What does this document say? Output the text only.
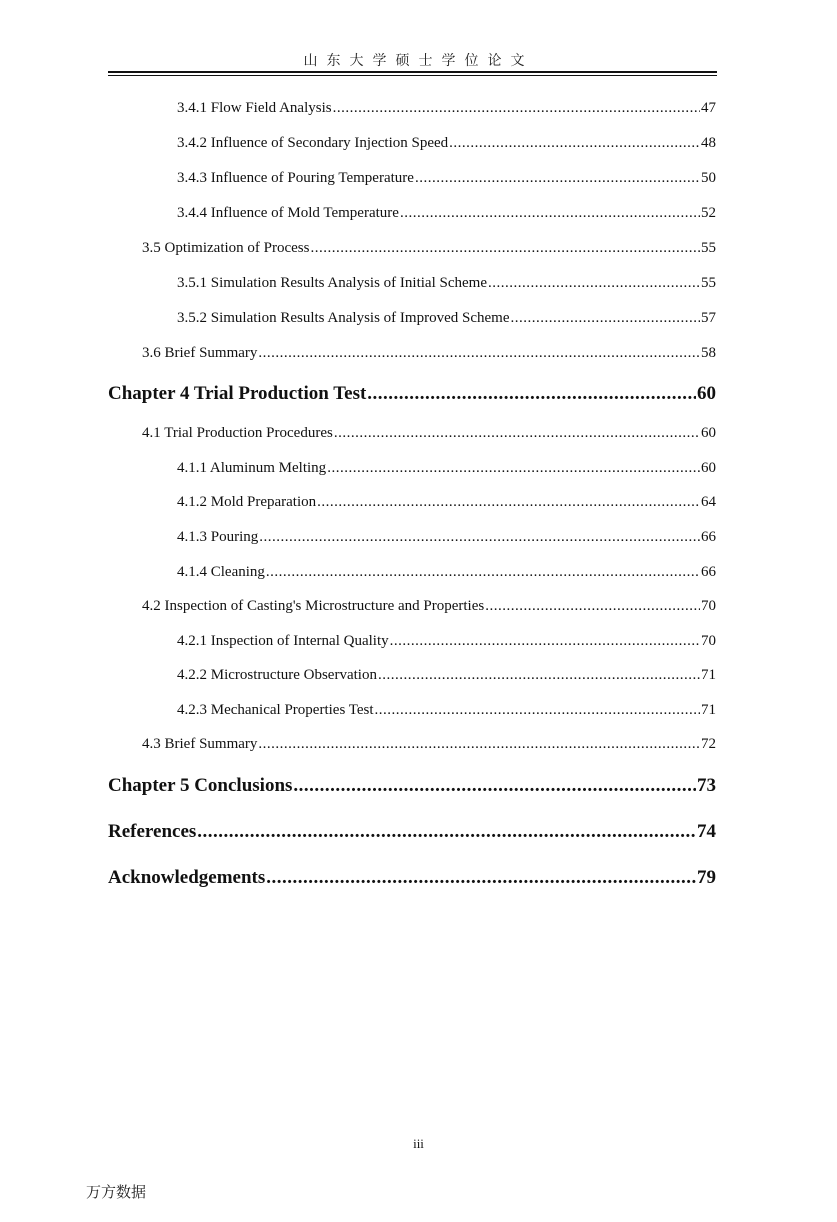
山东大学硕士学位论文
3.4.1 Flow Field Analysis .....	47
3.4.2 Influence of Secondary Injection Speed .....	48
3.4.3 Influence of Pouring Temperature .....	50
3.4.4 Influence of Mold Temperature .....	52
3.5 Optimization of Process .....	55
3.5.1 Simulation Results Analysis of Initial Scheme .....	55
3.5.2 Simulation Results Analysis of Improved Scheme .....	57
3.6 Brief Summary .....	58
Chapter 4 Trial Production Test .....	60
4.1 Trial Production Procedures .....	60
4.1.1 Aluminum Melting .....	60
4.1.2 Mold Preparation .....	64
4.1.3 Pouring .....	66
4.1.4 Cleaning .....	66
4.2 Inspection of Casting's Microstructure and Properties .....	70
4.2.1 Inspection of Internal Quality .....	70
4.2.2 Microstructure Observation .....	71
4.2.3 Mechanical Properties Test .....	71
4.3 Brief Summary .....	72
Chapter 5 Conclusions .....	73
References .....	74
Acknowledgements .....	79
iii
万方数据
